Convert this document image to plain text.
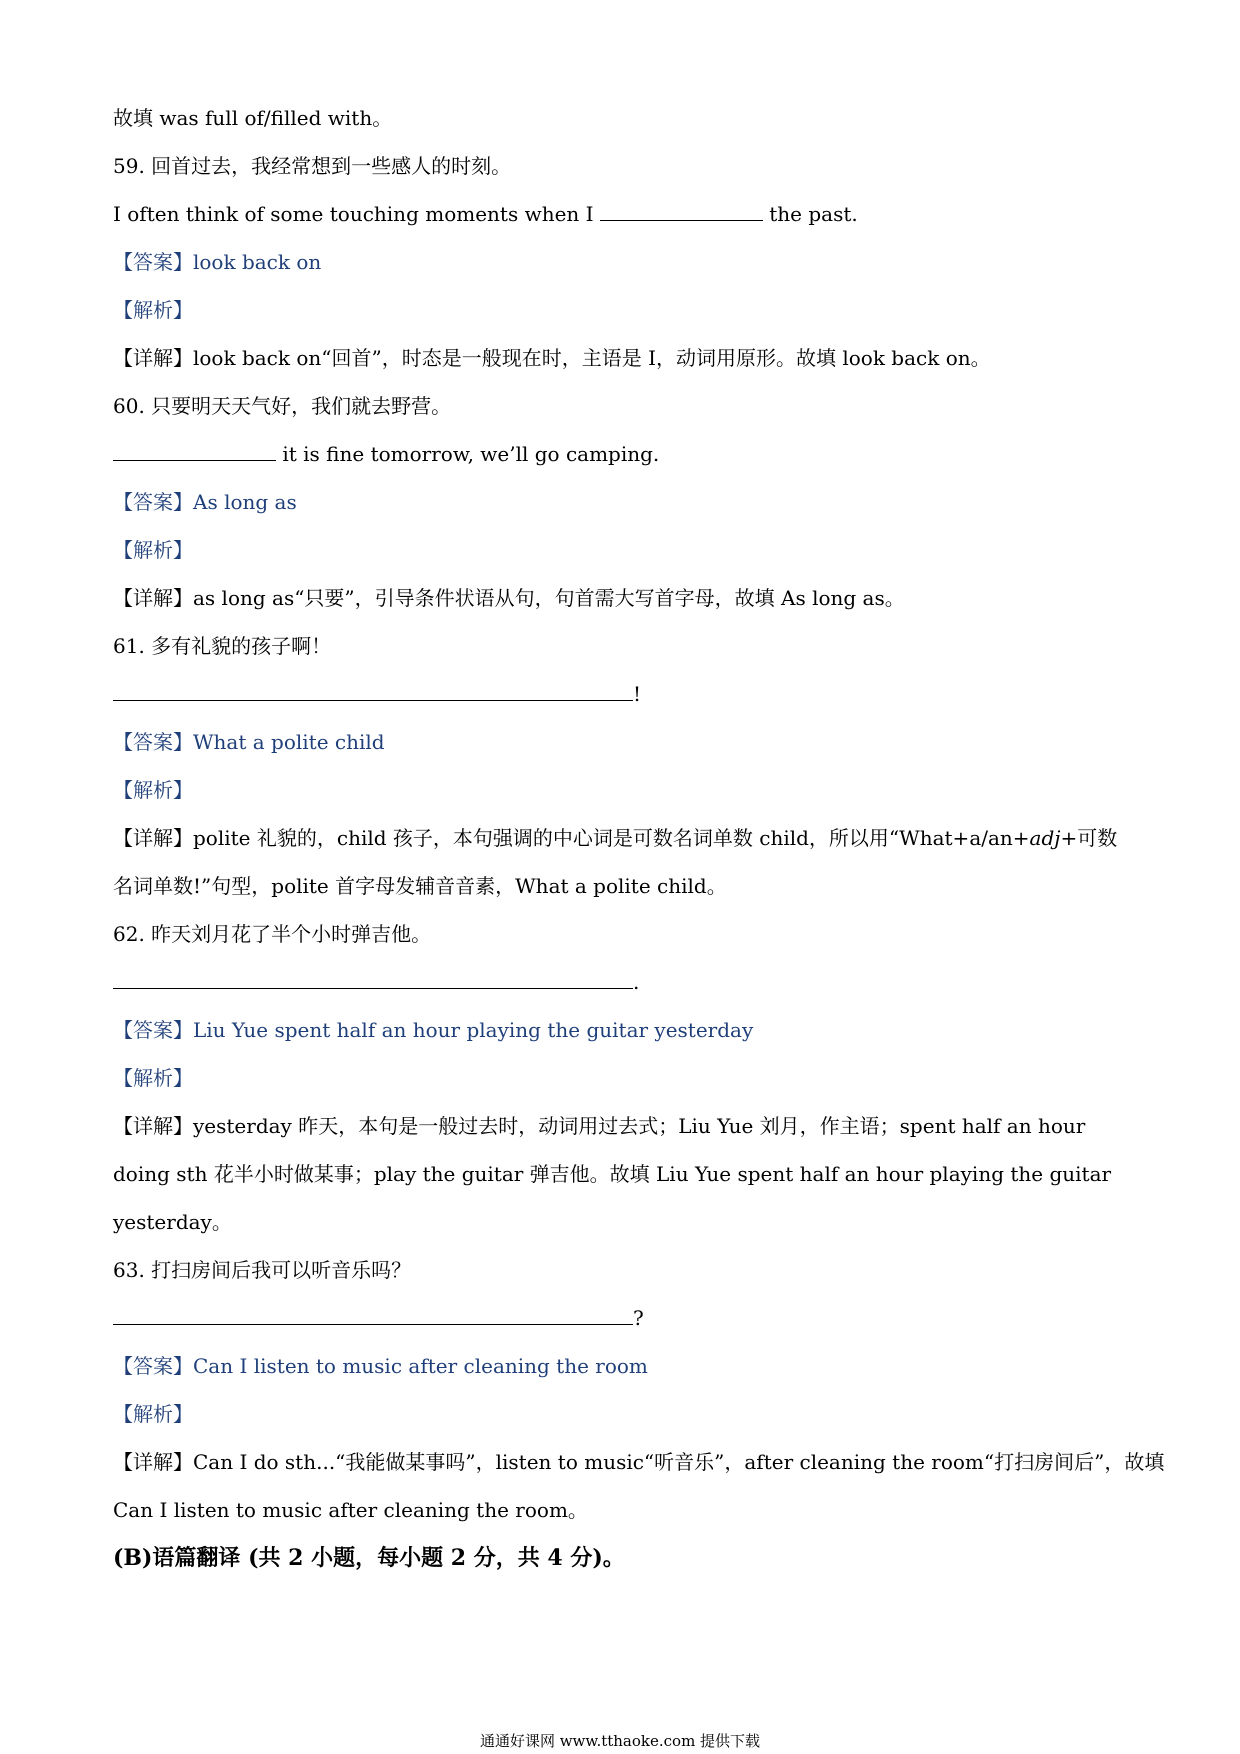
故填 was full of/filled with。
59. 回首过去，我经常想到一些感人的时刻。
I often think of some touching moments when I	the past.
【答案】look back on
【解析】
【详解】look back on“回首”，时态是一般现在时，主语是 I，动词用原形。故填 look back on。
60. 只要明天天气好，我们就去野营。
it is fine tomorrow, we’ll go camping.
【答案】As long as
【解析】
【详解】as long as“只要”，引导条件状语从句，句首需大写首字母，故填 As long as。
61. 多有礼貌的孩子啊！
!
【答案】What a polite child
【解析】
【详解】polite 礼貌的，child 孩子，本句强调的中心词是可数名词单数 child，所以用“What+a/an+adj+可数
名词单数!”句型，polite 首字母发辅音音素，What a polite child。
62. 昨天刘月花了半个小时弹吉他。
.
【答案】Liu Yue spent half an hour playing the guitar yesterday
【解析】
【详解】yesterday 昨天，本句是一般过去时，动词用过去式；Liu Yue 刘月，作主语；spent half an hour
doing sth 花半小时做某事；play the guitar 弹吉他。故填 Liu Yue spent half an hour playing the guitar
yesterday。
63. 打扫房间后我可以听音乐吗？
?
【答案】Can I listen to music after cleaning the room
【解析】
【详解】Can I do sth...“我能做某事吗”，listen to music“听音乐”，after cleaning the room“打扫房间后”，故填
Can I listen to music after cleaning the room。
(B)语篇翻译 (共 2 小题，每小题 2 分，共 4 分)。
通通好课网 www.tthaoke.com 提供下载
